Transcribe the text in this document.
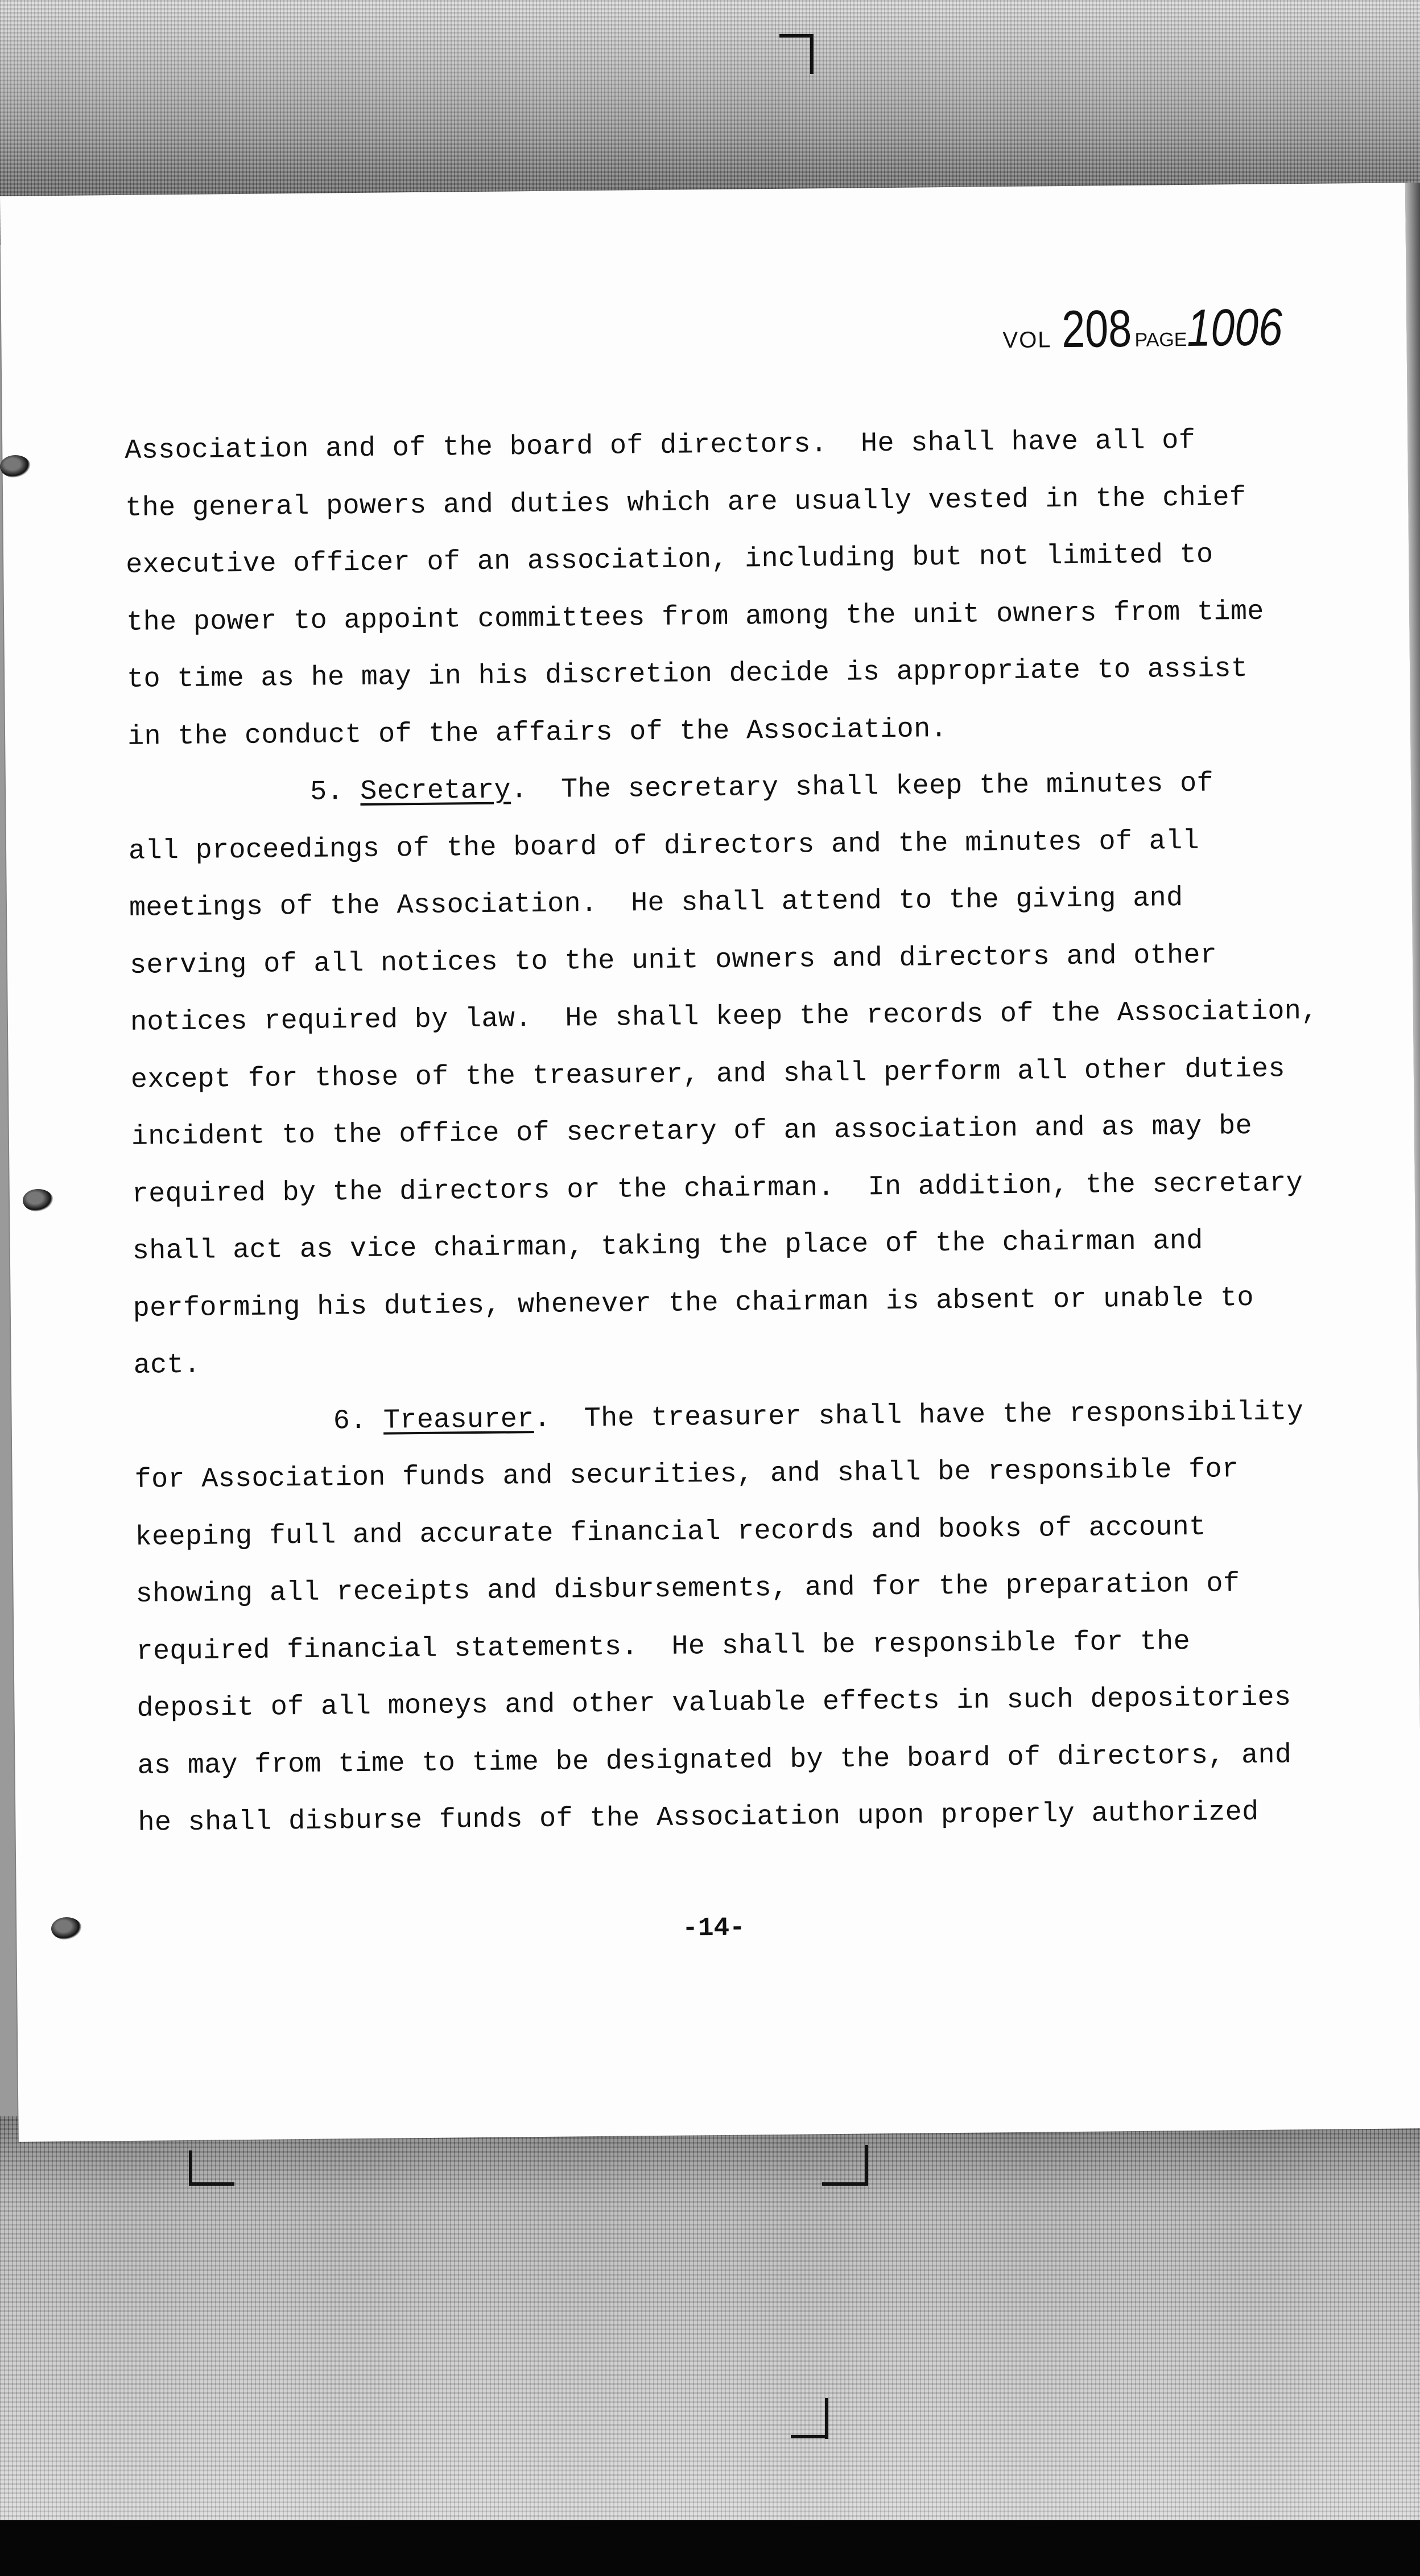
VOL 208 PAGE1006
Association and of the board of directors.  He shall have all of
the general powers and duties which are usually vested in the chief
executive officer of an association, including but not limited to
the power to appoint committees from among the unit owners from time
to time as he may in his discretion decide is appropriate to assist
in the conduct of the affairs of the Association.
5. Secretary.  The secretary shall keep the minutes of
all proceedings of the board of directors and the minutes of all
meetings of the Association.  He shall attend to the giving and
serving of all notices to the unit owners and directors and other
notices required by law.  He shall keep the records of the Association,
except for those of the treasurer, and shall perform all other duties
incident to the office of secretary of an association and as may be
required by the directors or the chairman.  In addition, the secretary
shall act as vice chairman, taking the place of the chairman and
performing his duties, whenever the chairman is absent or unable to
act.
6. Treasurer.  The treasurer shall have the responsibility
for Association funds and securities, and shall be responsible for
keeping full and accurate financial records and books of account
showing all receipts and disbursements, and for the preparation of
required financial statements.  He shall be responsible for the
deposit of all moneys and other valuable effects in such depositories
as may from time to time be designated by the board of directors, and
he shall disburse funds of the Association upon properly authorized
-14-
